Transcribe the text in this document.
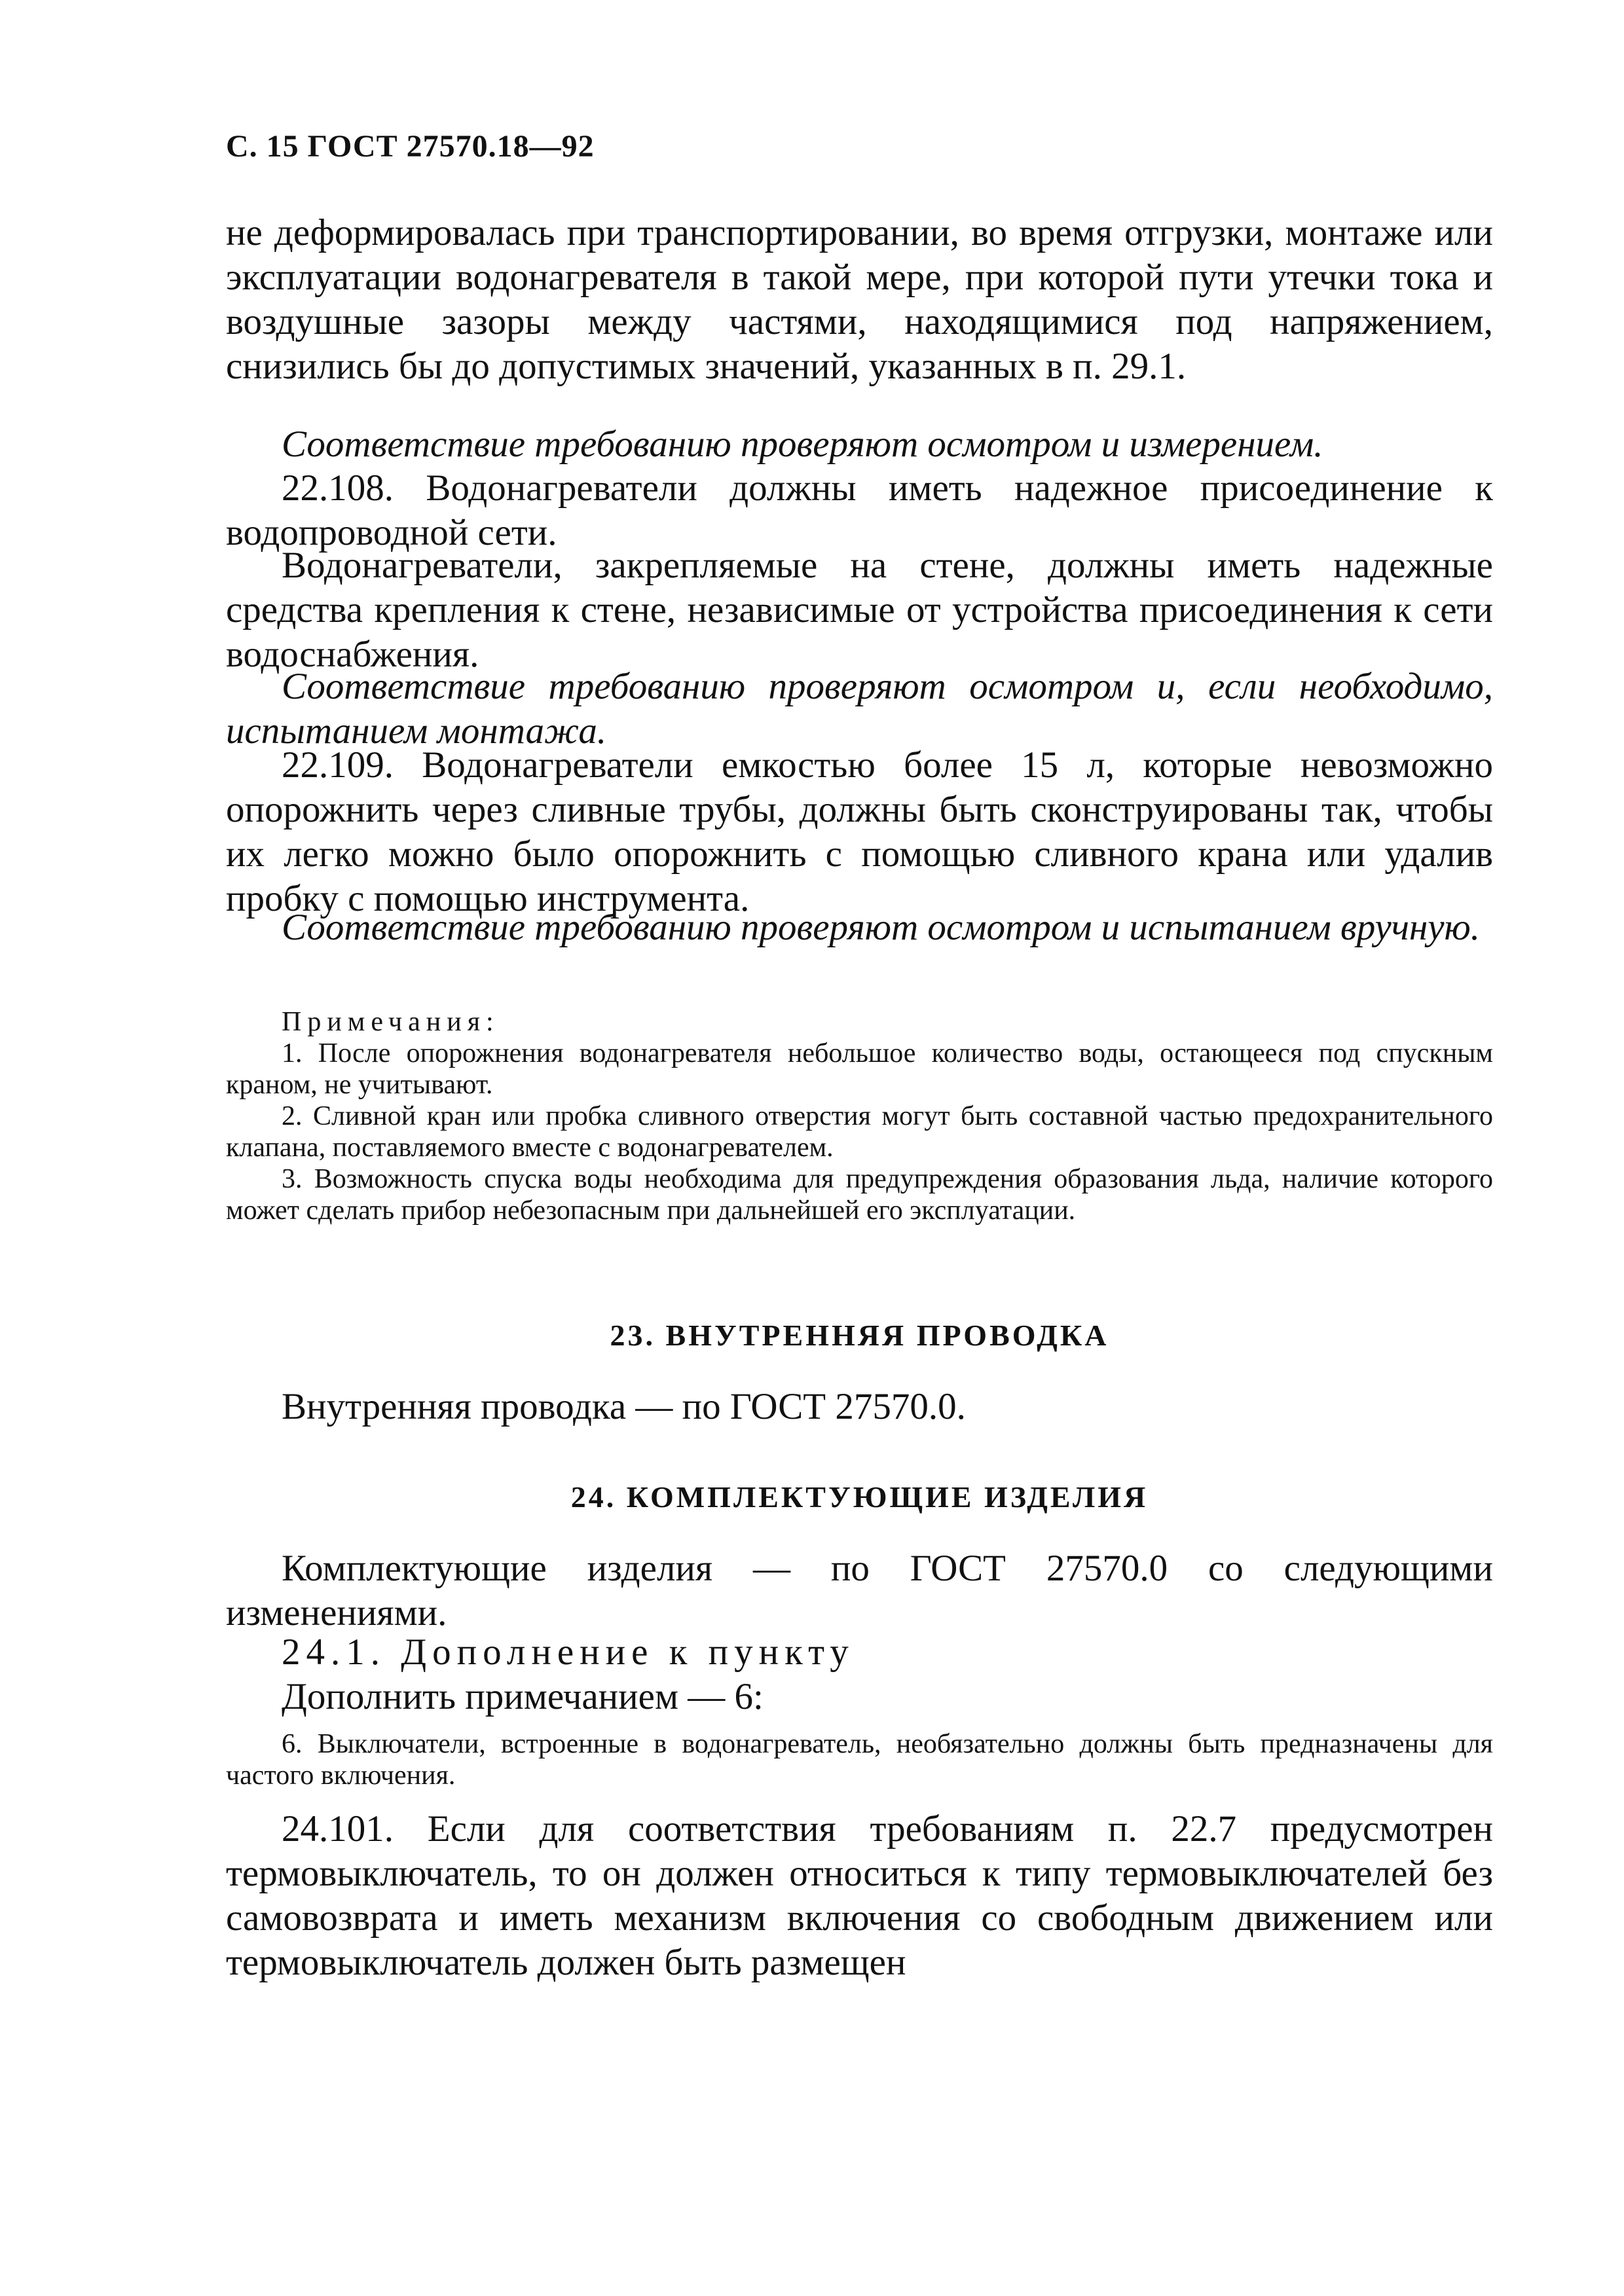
С. 15 ГОСТ 27570.18—92

не деформировалась при транспортировании, во время отгрузки, монтаже или эксплуатации водонагревателя в такой мере, при которой пути утечки тока и воздушные зазоры между частями, находящимися под напряжением, снизились бы до допустимых значений, указанных в п. 29.1.

Соответствие требованию проверяют осмотром и измерением.

22.108. Водонагреватели должны иметь надежное присоединение к водопроводной сети.

Водонагреватели, закрепляемые на стене, должны иметь надежные средства крепления к стене, независимые от устройства присоединения к сети водоснабжения.

Соответствие требованию проверяют осмотром и, если необходимо, испытанием монтажа.

22.109. Водонагреватели емкостью более 15 л, которые невозможно опорожнить через сливные трубы, должны быть сконструированы так, чтобы их легко можно было опорожнить с помощью сливного крана или удалив пробку с помощью инструмента.

Соответствие требованию проверяют осмотром и испытанием вручную.

Примечания:

1. После опорожнения водонагревателя небольшое количество воды, остающееся под спускным краном, не учитывают.

2. Сливной кран или пробка сливного отверстия могут быть составной частью предохранительного клапана, поставляемого вместе с водонагревателем.

3. Возможность спуска воды необходима для предупреждения образования льда, наличие которого может сделать прибор небезопасным при дальнейшей его эксплуатации.

23. ВНУТРЕННЯЯ ПРОВОДКА

Внутренняя проводка — по ГОСТ 27570.0.

24. КОМПЛЕКТУЮЩИЕ ИЗДЕЛИЯ

Комплектующие изделия — по ГОСТ 27570.0 со следующими изменениями.

24.1. Дополнение к пункту

Дополнить примечанием — 6:

6. Выключатели, встроенные в водонагреватель, необязательно должны быть предназначены для частого включения.

24.101. Если для соответствия требованиям п. 22.7 предусмотрен термовыключатель, то он должен относиться к типу термовыключателей без самовозврата и иметь механизм включения со свободным движением или термовыключатель должен быть размещен
